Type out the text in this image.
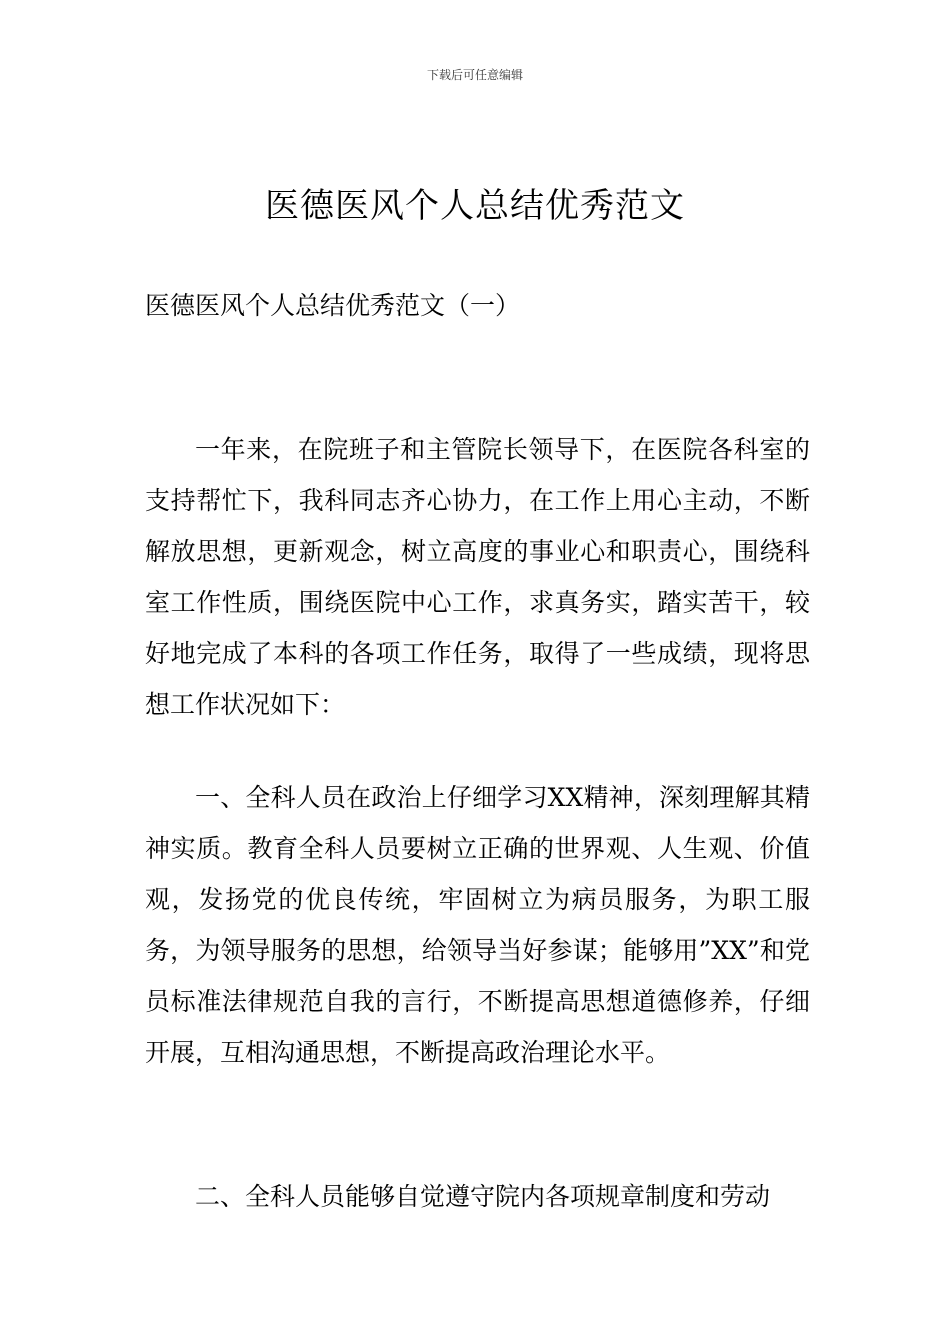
下载后可任意编辑
医德医风个人总结优秀范文
医德医风个人总结优秀范文（一）

一年来，在院班子和主管院长领导下，在医院各科室的支持帮忙下，我科同志齐心协力，在工作上用心主动，不断解放思想，更新观念，树立高度的事业心和职责心，围绕科室工作性质，围绕医院中心工作，求真务实，踏实苦干，较好地完成了本科的各项工作任务，取得了一些成绩，现将思想工作状况如下：

一、全科人员在政治上仔细学习XX精神，深刻理解其精神实质。教育全科人员要树立正确的世界观、人生观、价值观，发扬党的优良传统，牢固树立为病员服务，为职工服务，为领导服务的思想，给领导当好参谋；能够用”XX”和党员标准法律规范自我的言行，不断提高思想道德修养，仔细开展，互相沟通思想，不断提高政治理论水平。

二、全科人员能够自觉遵守院内各项规章制度和劳动
